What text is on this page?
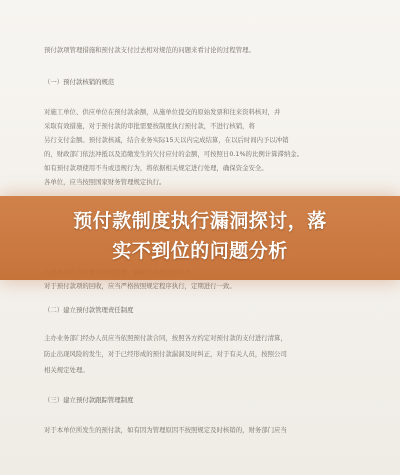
预付款项管理措施和预付款支付过去相对规范的问题来看讨论的过程管理。

（一）预付款核销的规范

对施工单位、供应单位在预付款余额，从施单位提交的原始发票和往来资料核对，并

采取有效措施，对于预付款的审批需要按制度执行预付款，不进行核销，将

另行支付金额。预付款核减，结合业务实际15天以内完成结算，在以后时间内予以冲销

的，财政部门依法冲抵以及追缴发生的欠付应付的金额，可按照日0.1%的比例计算滞纳金。

如有预付款项使用不当或违规行为，将依据相关规定进行处理，确保资金安全。

各单位，应当按照国家财务管理规定执行。

对于预付款项的回收，应当严格按照规定程序执行，定期进行一致。

（二）建立预付款管理责任制度

主办业务部门经办人员应当依照预付款合同，按照各方约定对预付款的支付进行清算，

防止出现风险的发生，对于已经形成的预付款漏洞及时纠正，对于有关人员，按照公司

相关规定处理。

（三）建立预付款跟踪管理制度

对于本单位所发生的预付款，如有因为管理原因不按照规定及时核销的，财务部门应当

预付款制度执行漏洞探讨，落
实不到位的问题分析
